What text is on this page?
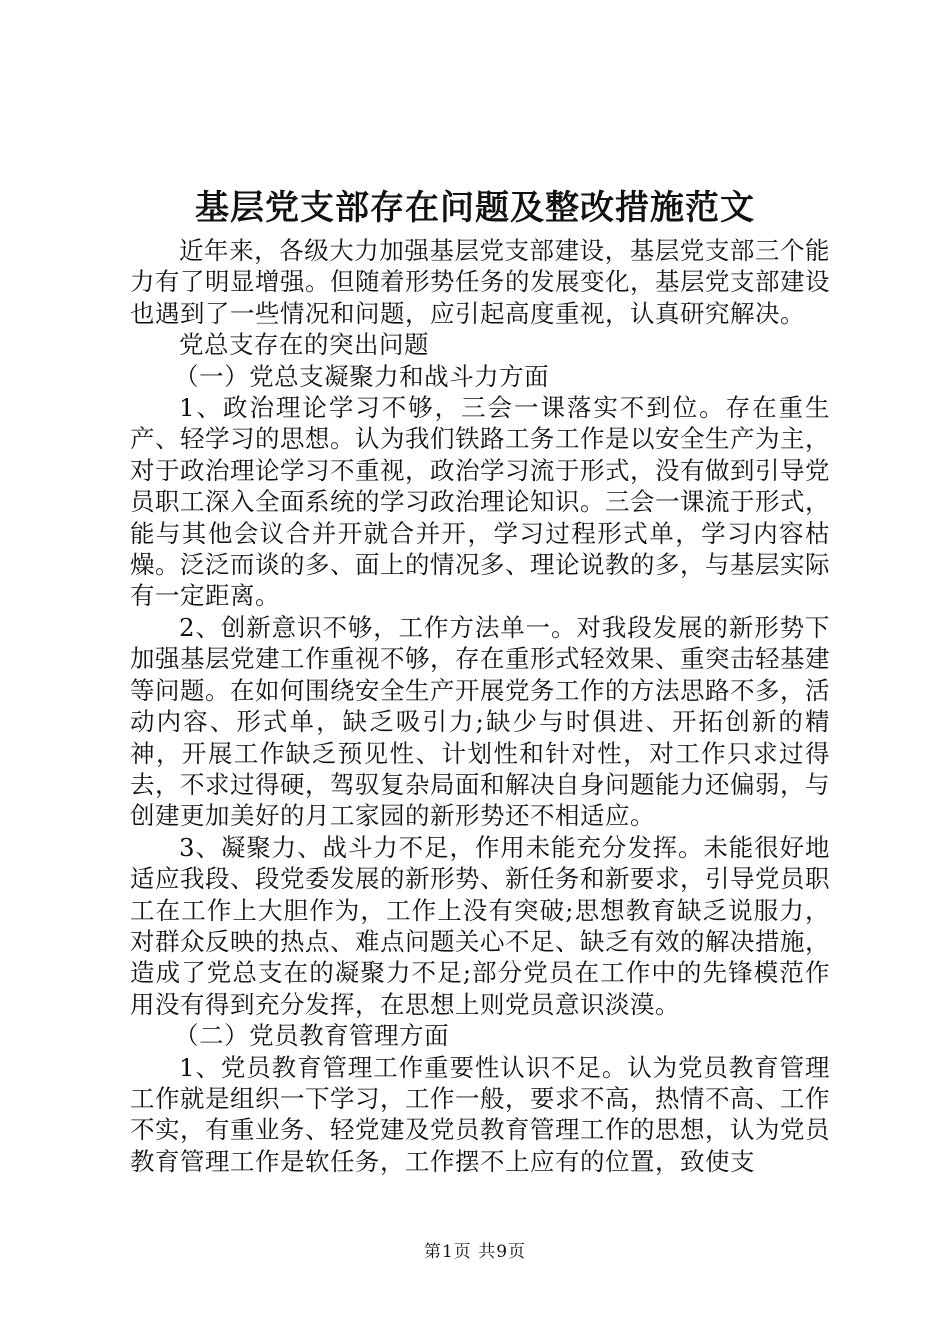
基层党支部存在问题及整改措施范文

近年来，各级大力加强基层党支部建设，基层党支部三个能力有了明显增强。但随着形势任务的发展变化，基层党支部建设也遇到了一些情况和问题，应引起高度重视，认真研究解决。

党总支存在的突出问题

（一）党总支凝聚力和战斗力方面

1、政治理论学习不够，三会一课落实不到位。存在重生产、轻学习的思想。认为我们铁路工务工作是以安全生产为主，对于政治理论学习不重视，政治学习流于形式，没有做到引导党员职工深入全面系统的学习政治理论知识。三会一课流于形式，能与其他会议合并开就合并开，学习过程形式单，学习内容枯燥。泛泛而谈的多、面上的情况多、理论说教的多，与基层实际有一定距离。

2、创新意识不够，工作方法单一。对我段发展的新形势下加强基层党建工作重视不够，存在重形式轻效果、重突击轻基建等问题。在如何围绕安全生产开展党务工作的方法思路不多，活动内容、形式单，缺乏吸引力;缺少与时俱进、开拓创新的精神，开展工作缺乏预见性、计划性和针对性，对工作只求过得去，不求过得硬，驾驭复杂局面和解决自身问题能力还偏弱，与创建更加美好的月工家园的新形势还不相适应。

3、凝聚力、战斗力不足，作用未能充分发挥。未能很好地适应我段、段党委发展的新形势、新任务和新要求，引导党员职工在工作上大胆作为，工作上没有突破;思想教育缺乏说服力，对群众反映的热点、难点问题关心不足、缺乏有效的解决措施，造成了党总支在的凝聚力不足;部分党员在工作中的先锋模范作用没有得到充分发挥，在思想上则党员意识淡漠。

（二）党员教育管理方面

1、党员教育管理工作重要性认识不足。认为党员教育管理工作就是组织一下学习，工作一般，要求不高，热情不高、工作不实，有重业务、轻党建及党员教育管理工作的思想，认为党员教育管理工作是软任务，工作摆不上应有的位置，致使支

第1页 共9页
